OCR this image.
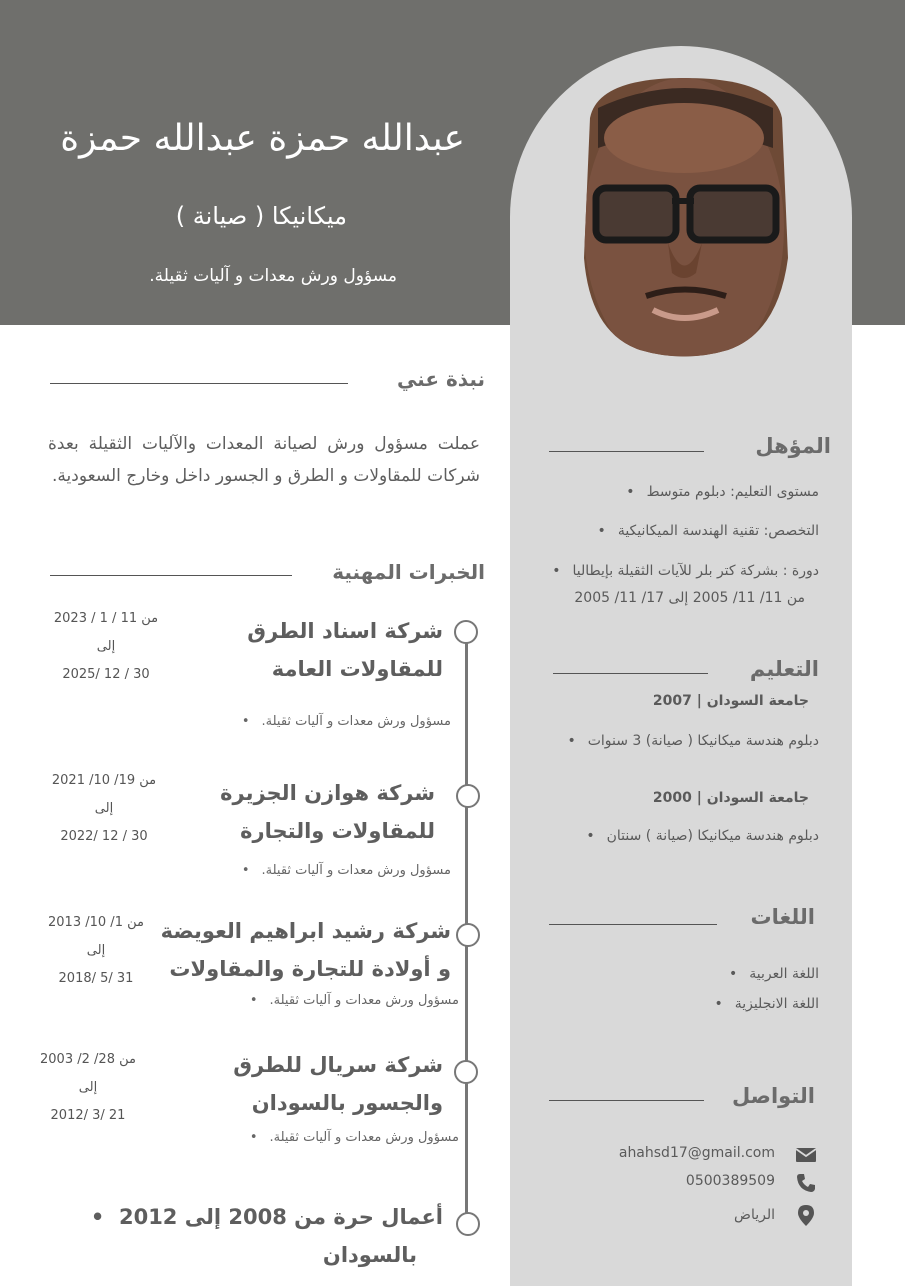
عبدالله حمزة عبدالله حمزة
ميكانيكا ( صيانة )
مسؤول ورش معدات و آليات ثقيلة.
نبذة عني
عملت مسؤول ورش لصيانة المعدات والآليات الثقيلة بعدة شركات للمقاولات و الطرق و الجسور داخل وخارج السعودية.
الخبرات المهنية
شركة اسناد الطرق
للمقاولات العامة
مسؤول ورش معدات و آليات ثقيلة. •
من 11 / 1 / 2023
إلى
2025/ 12 / 30
شركة هوازن الجزيرة
للمقاولات والتجارة
مسؤول ورش معدات و آليات ثقيلة. •
من 19/ 10/ 2021
إلى
2022/ 12 / 30
شركة رشيد ابراهيم العويضة
و أولادة للتجارة والمقاولات
مسؤول ورش معدات و آليات ثقيلة. •
من 1/ 10/ 2013
إلى
2018/ 5/ 31
شركة سريال للطرق
والجسور بالسودان
مسؤول ورش معدات و آليات ثقيلة. •
من 28/ 2/ 2003
إلى
2012/ 3/ 21
أعمال حرة من 2008 إلى 2012  •
بالسودان
المؤهل
مستوى التعليم: دبلوم متوسط •
التخصص: تقنية الهندسة الميكانيكية •
دورة : بشركة كتر بلر للآيات الثقيلة بإيطاليا •
من 11/ 11/ 2005 إلى 17/ 11/ 2005
التعليم
جامعة السودان | 2007
دبلوم هندسة ميكانيكا ( صيانة) 3 سنوات •
جامعة السودان | 2000
دبلوم هندسة ميكانيكا (صيانة ) سنتان •
اللغات
اللغة العربية •
اللغة الانجليزية •
التواصل
ahahsd17@gmail.com
0500389509
الرياض
